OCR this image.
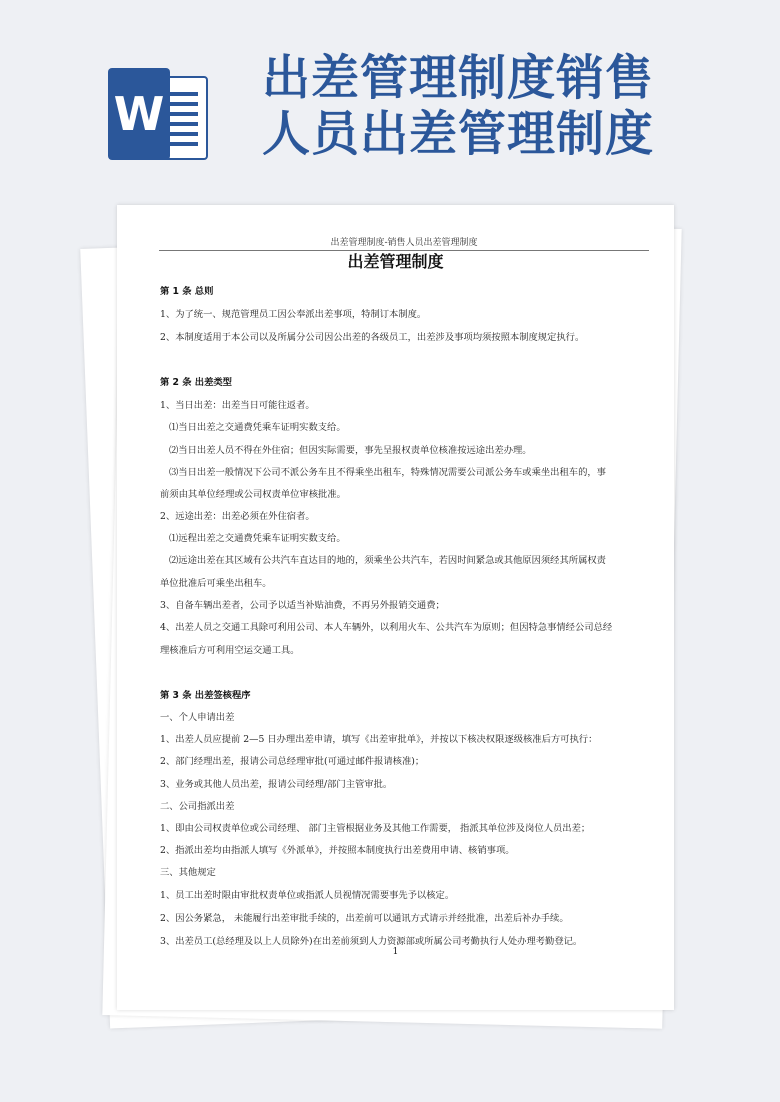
W
出差管理制度销售
人员出差管理制度
出差管理制度-销售人员出差管理制度
出差管理制度

第 1 条 总则

1、为了统一、规范管理员工因公奉派出差事项，特制订本制度。

2、本制度适用于本公司以及所属分公司因公出差的各级员工，出差涉及事项均须按照本制度规定执行。

第 2 条 出差类型

1、当日出差：出差当日可能往返者。

⑴当日出差之交通费凭乘车证明实数支给。

⑵当日出差人员不得在外住宿；但因实际需要，事先呈报权责单位核准按远途出差办理。

⑶当日出差一般情况下公司不派公务车且不得乘坐出租车，特殊情况需要公司派公务车或乘坐出租车的，事

前须由其单位经理或公司权责单位审核批准。

2、远途出差：出差必须在外住宿者。

⑴远程出差之交通费凭乘车证明实数支给。

⑵远途出差在其区域有公共汽车直达目的地的，须乘坐公共汽车，若因时间紧急或其他原因须经其所属权责

单位批准后可乘坐出租车。

3、自备车辆出差者，公司予以适当补贴油费，不再另外报销交通费；

4、出差人员之交通工具除可利用公司、本人车辆外，以利用火车、公共汽车为原则；但因特急事情经公司总经

理核准后方可利用空运交通工具。

第 3 条 出差签核程序

一、个人申请出差

1、出差人员应提前 2—5 日办理出差申请，填写《出差审批单》，并按以下核决权限逐级核准后方可执行：

2、部门经理出差，报请公司总经理审批(可通过邮件报请核准)；

3、业务或其他人员出差，报请公司经理/部门主管审批。

二、公司指派出差

1、即由公司权责单位或公司经理、 部门主管根据业务及其他工作需要， 指派其单位涉及岗位人员出差；

2、指派出差均由指派人填写《外派单》，并按照本制度执行出差费用申请、核销事项。

三、其他规定

1、员工出差时限由审批权责单位或指派人员视情况需要事先予以核定。

2、因公务紧急， 未能履行出差审批手续的，出差前可以通讯方式请示并经批准，出差后补办手续。

3、出差员工(总经理及以上人员除外)在出差前须到人力资源部或所属公司考勤执行人处办理考勤登记。

1
